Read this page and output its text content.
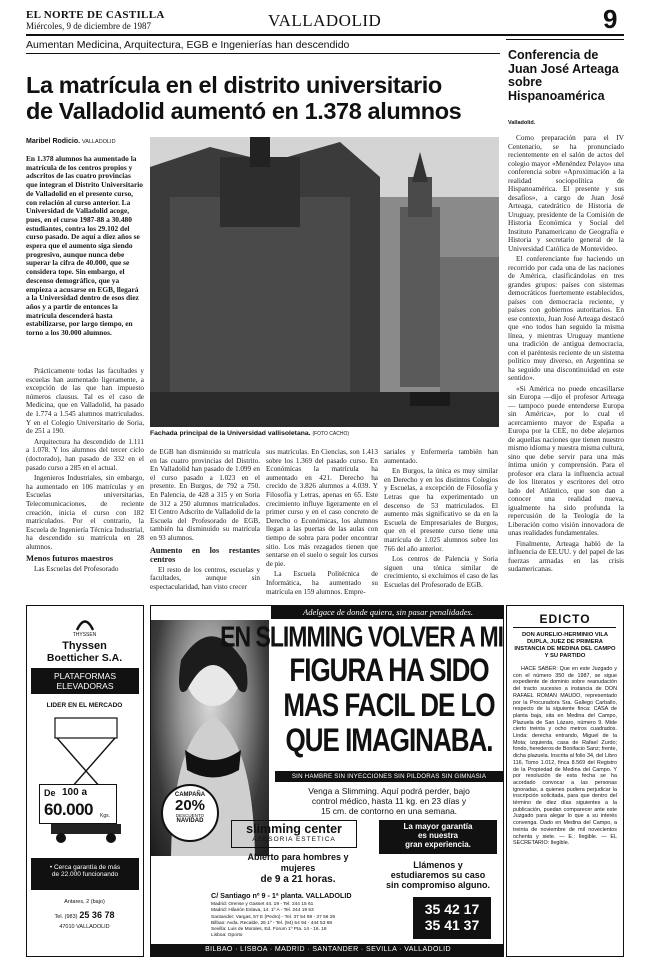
EL NORTE DE CASTILLA
Miércoles, 9 de diciembre de 1987	VALLADOLID	9
Aumentan Medicina, Arquitectura, EGB e Ingenierías han descendido
La matrícula en el distrito universitario
de Valladolid aumentó en 1.378 alumnos
Maribel Rodicio. VALLADOLID
En 1.378 alumnos ha aumentado la matrícula de los centros propios y adscritos de las cuatro provincias que integran el Distrito Universitario de Valladolid en el presente curso, con relación al curso anterior. La Universidad de Valladolid acoge, pues, en el curso 1987-88 a 30.480 estudiantes, contra los 29.102 del curso pasado. De aquí a diez años se espera que el aumento siga siendo progresivo, aunque nunca debe superar la cifra de 40.000, que se considera tope. Sin embargo, el descenso demográfico, que ya empieza a acusarse en EGB, llegará a la Universidad dentro de esos diez años y a partir de entonces la matrícula descenderá hasta estabilizarse, por largo tiempo, en torno a los 30.000 alumnos.
Fachada principal de la Universidad vallisoletana. (FOTO CACHO)

Prácticamente todas las facultades y escuelas han aumentado ligeramente, a excepción de las que han impuesto números clausus. Tal es el caso de Medicina, que en Valladolid, ha pasado de 1.774 a 1.545 alumnos matriculados. Y en el Colegio Universitario de Soria, de 251 a 190.

Arquitectura ha descendido de 1.111 a 1.078. Y los alumnos del tercer ciclo (doctorado), han pasado de 332 en el pasado curso a 285 en el actual.

Ingenieros Industriales, sin embargo, ha aumentado en 106 matrículas y en Escuelas universitarias, Telecomunicaciones, de reciente creación, inicia el curso con 182 matriculados. Por el contrario, la Escuela de Ingeniería Técnica Industrial, ha descendido su matrícula en 28 alumnos.

Menos futuros maestros

Las Escuelas del Profesorado

de EGB han disminuido su matrícula en las cuatro provincias del Distrito. En Valladolid han pasado de 1.099 en el curso pasado a 1.023 en el presente. En Burgos, de 792 a 750. En Palencia, de 428 a 315 y en Soria de 312 a 250 alumnos matriculados. El Centro Adscrito de Valladolid de la Escuela del Profesorado de EGB, también ha disminuido su matrícula en 93 alumnos.

Aumento en los restantes centros

El resto de los centros, escuelas y facultades, aunque sin espectacularidad, han visto crecer

sus matrículas. En Ciencias, son 1.413 sobre los 1.369 del pasado curso. En Económicas la matrícula ha aumentado en 421. Derecho ha crecido de 3.826 alumnos a 4.039. Y Filosofía y Letras, apenas en 65. Este crecimiento influye ligeramente en el primer curso y en el caso concreto de Derecho o Económicas, los alumnos llegan a las puertas de las aulas con tiempo de sobra para poder encontrar sitio. Los más rezagados tienen que sentarse en el suelo o seguir los cursos de pie.

La Escuela Politécnica de Informática, ha aumentado su matrícula en 159 alumnos. Empre-

sariales y Enfermería también han aumentado.

En Burgos, la única es muy similar en Derecho y en los distintos Colegios y Escuelas, a excepción de Filosofía y Letras que ha experimentado un descenso de 53 matriculados. El aumento más significativo se da en la Escuela de Empresariales de Burgos, que en el presente curso tiene una matrícula de 1.025 alumnos sobre los 766 del año anterior.

Los centros de Palencia y Soria siguen una tónica similar de crecimiento, si excluimos el caso de las Escuelas del Profesorado de EGB.

Conferencia de Juan José Arteaga sobre Hispanoamérica
Valladolid.

Como preparación para el IV Centenario, se ha pronunciado recientemente en el salón de actos del colegio mayor «Menéndez Pelayo» una conferencia sobre «Aproximación a la realidad sociopolítica de Hispanoamérica. El presente y sus desafíos», a cargo de Juan José Arteaga, catedrático de Historia de Uruguay, presidente de la Comisión de Historia Económica y Social del Instituto Panamericano de Geografía e Historia y secretario general de la Universidad Católica de Montevideo.

El conferenciante fue haciendo un recorrido por cada una de las naciones de América, clasificándolas en tres grandes grupos: países con sistemas democráticos fuertemente establecidos, países con democracia reciente, y países con gobiernos autoritarios. En ese contexto, Juan José Arteaga destacó que «no todos han seguido la misma línea, y mientras Uruguay mantiene una tradición de antigua democracia, con el paréntesis reciente de un sistema político muy diverso, en Argentina se ha seguido una discontinuidad en este sentido».

«Si América no puede encasillarse sin Europa —dijo el profesor Arteaga— tampoco puede entenderse Europa sin América», por lo cual el acercamiento mayor de España a Europa por la CEE, no debe alejarnos de aquellas naciones que tienen nuestro mismo idioma y nuestra misma cultura, sino que debe servir para una más íntima unión y comprensión. Para el profesor era clara la influencia actual de los literatos y escritores del otro lado del Atlántico, que son dan a conocer una realidad nueva, igualmente ha sido profunda la repercusión de la Teología de la Liberación como visión innovadora de unas realidades fundamentales.

Finalmente, Arteaga habló de la influencia de EE.UU. y del papel de las fuerzas armadas en las crisis sudamericanas.

THYSSEN
Thyssen
Boetticher S.A.
PLATAFORMAS
ELEVADORAS
LIDER EN EL MERCADO
De 100 a
60.000 Kgs.
• Cerca garantía de más
de 22.000 funcionando
Antares, 2 (bajo)
Tel. (983) 25 36 78
47010 VALLADOLID
Adelgace de donde quiera, sin pasar penalidades.
EN SLIMMING VOLVER A MI
FIGURA HA SIDO
MAS FACIL DE LO
QUE IMAGINABA.
SIN HAMBRE SIN INYECCIONES SIN PILDORAS SIN GIMNASIA
Venga a Slimming. Aquí podrá perder, bajo
control médico, hasta 11 kg. en 23 días y
15 cm. de contorno en una semana.
CAMPAÑA
20%
DESCUENTO
NAVIDAD
slimming center
ASESORIA ESTETICA
La mayor garantía
es nuestra
gran experiencia.
Abierto para hombres y mujeres
de 9 a 21 horas.
Llámenos y
estudiaremos su caso
sin compromiso alguno.
C/ Santiago nº 9 - 1ª planta. VALLADOLID
Madrid: Orense y Gasset 44. 19 - Tel. 244 15 61
Madrid: Hilarión Eslava, 14. 1º A - Tel. 244 19 53
Santander: Vargas, 57 E (Pedro) - Tel. 37 54 69 - 37 56 29
Bilbao: Avda. Recalde, 26 1º - Tel. (94) 54 94 - 444 53 68
Sevilla: Luis de Morales, Ed. Forum 1º Pta. 14 - 16. 18
Lisboa: Oporto
35 42 17
35 41 37
BILBAO · LISBOA · MADRID · SANTANDER · SEVILLA · VALLADOLID
EDICTO
DON AURELIO-HERMINIO VILA DUPLA, JUEZ DE PRIMERA INSTANCIA DE MEDINA DEL CAMPO Y SU PARTIDO
HACE SABER: Que en este Juzgado y con el número 350 de 1987, se sigue expediente de dominio sobre reanudación del tracto sucesivo a instancia de DON RAFAEL ROMAN MAUDO, representado por la Procuradora Sra. Gallego Carballo, respecto de la siguiente finca: CASA de planta baja, sita en Medina del Campo, Plazuela de San Lázaro, número 9. Mide cierto treinta y ocho metros cuadrados. Linda: derecha entrando, Miguel de la Mota; izquierda, casa de Rafael Zurdo; fondo, herederos de Bonifacio Sanz; frente, dicha plazuela. Inscrita al folio 34, del Libro 116, Tomo 1.012, finca 8.569 del Registro de la Propiedad de Medina del Campo. Y por resolución de esta fecha se ha acordado convocar a las personas ignoradas, a quienes pudiera perjudicar la inscripción solicitada, para que dentro del término de diez días siguientes a la publicación, puedan comparecer ante este Juzgado para alegar lo que a su interés convenga. Dado en Medina del Campo, a treinta de noviembre de mil novecientos ochenta y siete. — E.: Ilegible. — EL SECRETARIO: Ilegible.
